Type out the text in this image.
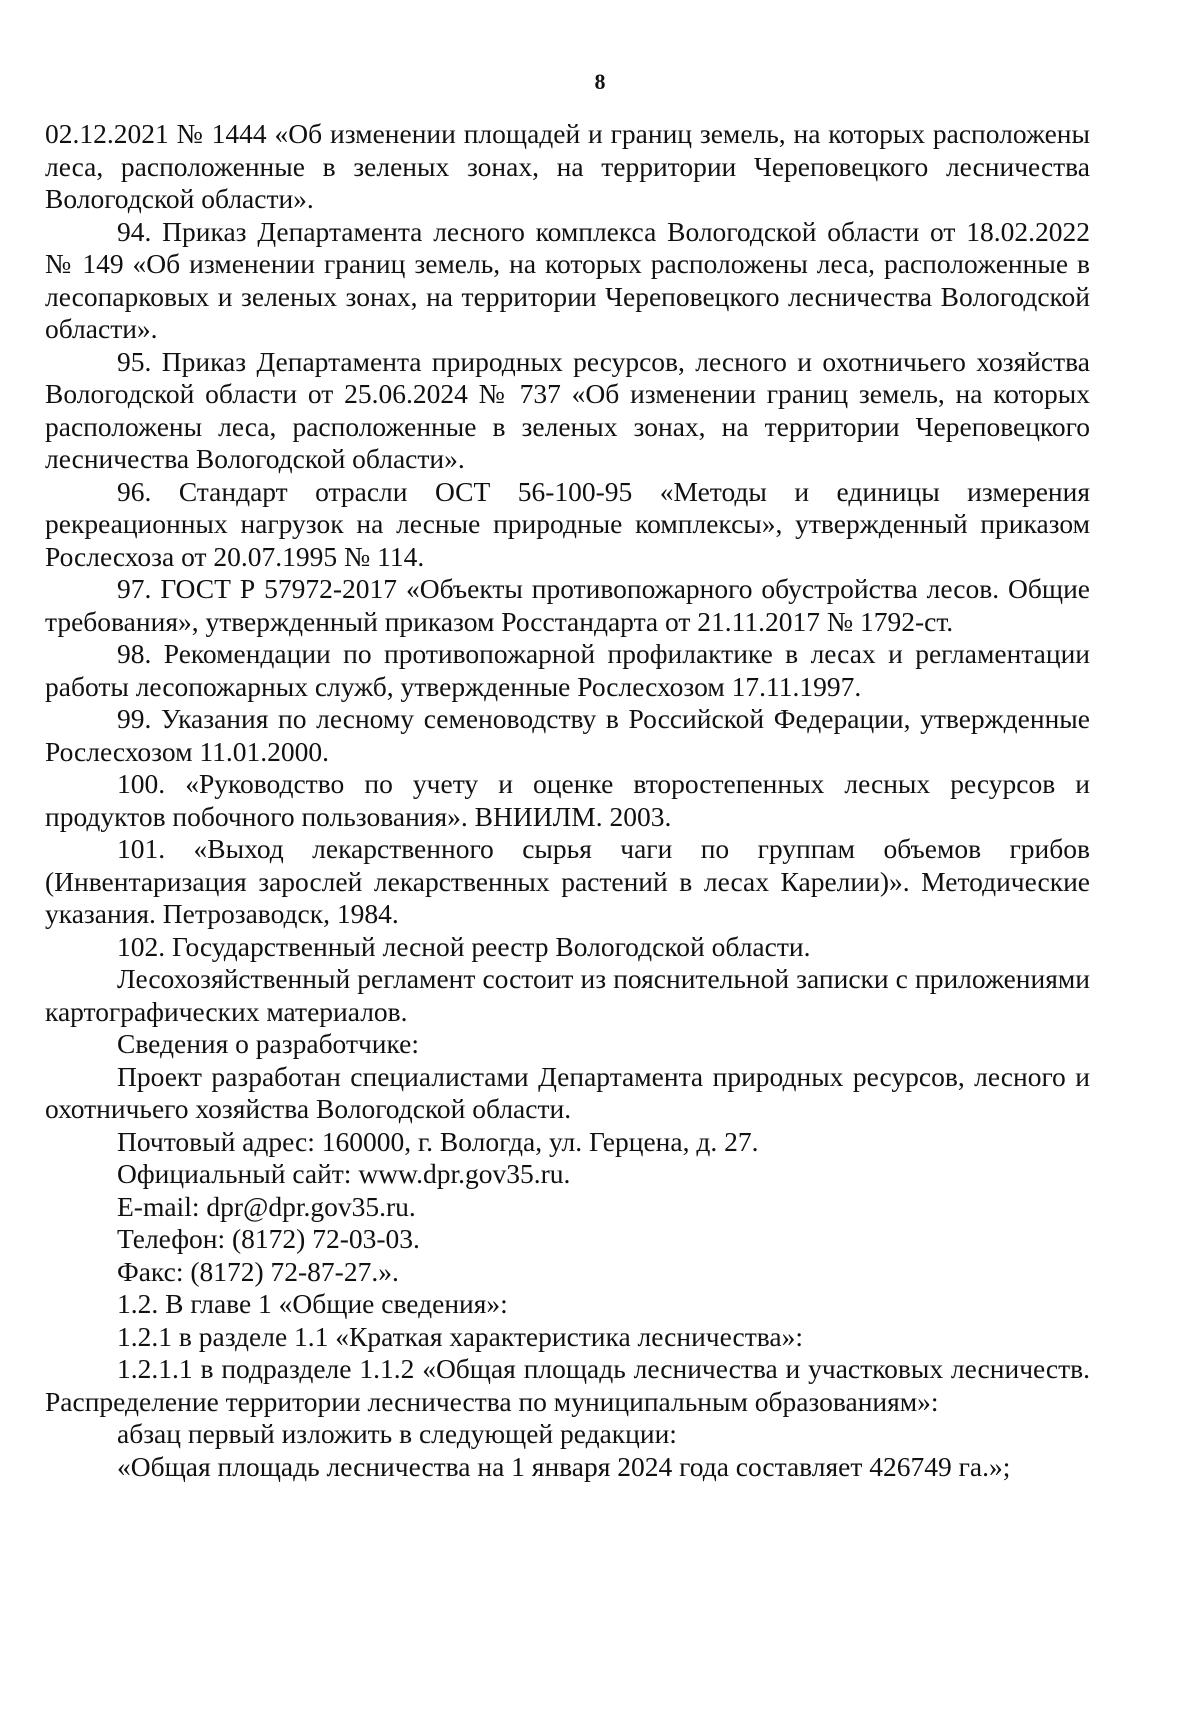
8

02.12.2021 № 1444 «Об изменении площадей и границ земель, на которых расположены леса, расположенные в зеленых зонах, на территории Череповецкого лесничества Вологодской области».

94. Приказ Департамента лесного комплекса Вологодской области от 18.02.2022 № 149 «Об изменении границ земель, на которых расположены леса, расположенные в лесопарковых и зеленых зонах, на территории Череповецкого лесничества Вологодской области».

95. Приказ Департамента природных ресурсов, лесного и охотничьего хозяйства Вологодской области от 25.06.2024 № 737 «Об изменении границ земель, на которых расположены леса, расположенные в зеленых зонах, на территории Череповецкого лесничества Вологодской области».

96. Стандарт отрасли ОСТ 56-100-95 «Методы и единицы измерения рекреационных нагрузок на лесные природные комплексы», утвержденный приказом Рослесхоза от 20.07.1995 № 114.

97. ГОСТ Р 57972-2017 «Объекты противопожарного обустройства лесов. Общие требования», утвержденный приказом Росстандарта от 21.11.2017 № 1792-ст.

98. Рекомендации по противопожарной профилактике в лесах и регламентации работы лесопожарных служб, утвержденные Рослесхозом 17.11.1997.

99. Указания по лесному семеноводству в Российской Федерации, утвержденные Рослесхозом 11.01.2000.

100. «Руководство по учету и оценке второстепенных лесных ресурсов и продуктов побочного пользования». ВНИИЛМ. 2003.

101. «Выход лекарственного сырья чаги по группам объемов грибов (Инвентаризация зарослей лекарственных растений в лесах Карелии)». Методические указания. Петрозаводск, 1984.

102. Государственный лесной реестр Вологодской области.

Лесохозяйственный регламент состоит из пояснительной записки с приложениями картографических материалов.

Сведения о разработчике:

Проект разработан специалистами Департамента природных ресурсов, лесного и охотничьего хозяйства Вологодской области.

Почтовый адрес: 160000, г. Вологда, ул. Герцена, д. 27.

Официальный сайт: www.dpr.gov35.ru.

E-mail: dpr@dpr.gov35.ru.

Телефон: (8172) 72-03-03.

Факс: (8172) 72-87-27.».

1.2. В главе 1 «Общие сведения»:

1.2.1 в разделе 1.1 «Краткая характеристика лесничества»:

1.2.1.1 в подразделе 1.1.2 «Общая площадь лесничества и участковых лесничеств. Распределение территории лесничества по муниципальным образованиям»:

абзац первый изложить в следующей редакции:

«Общая площадь лесничества на 1 января 2024 года составляет 426749 га.»;
